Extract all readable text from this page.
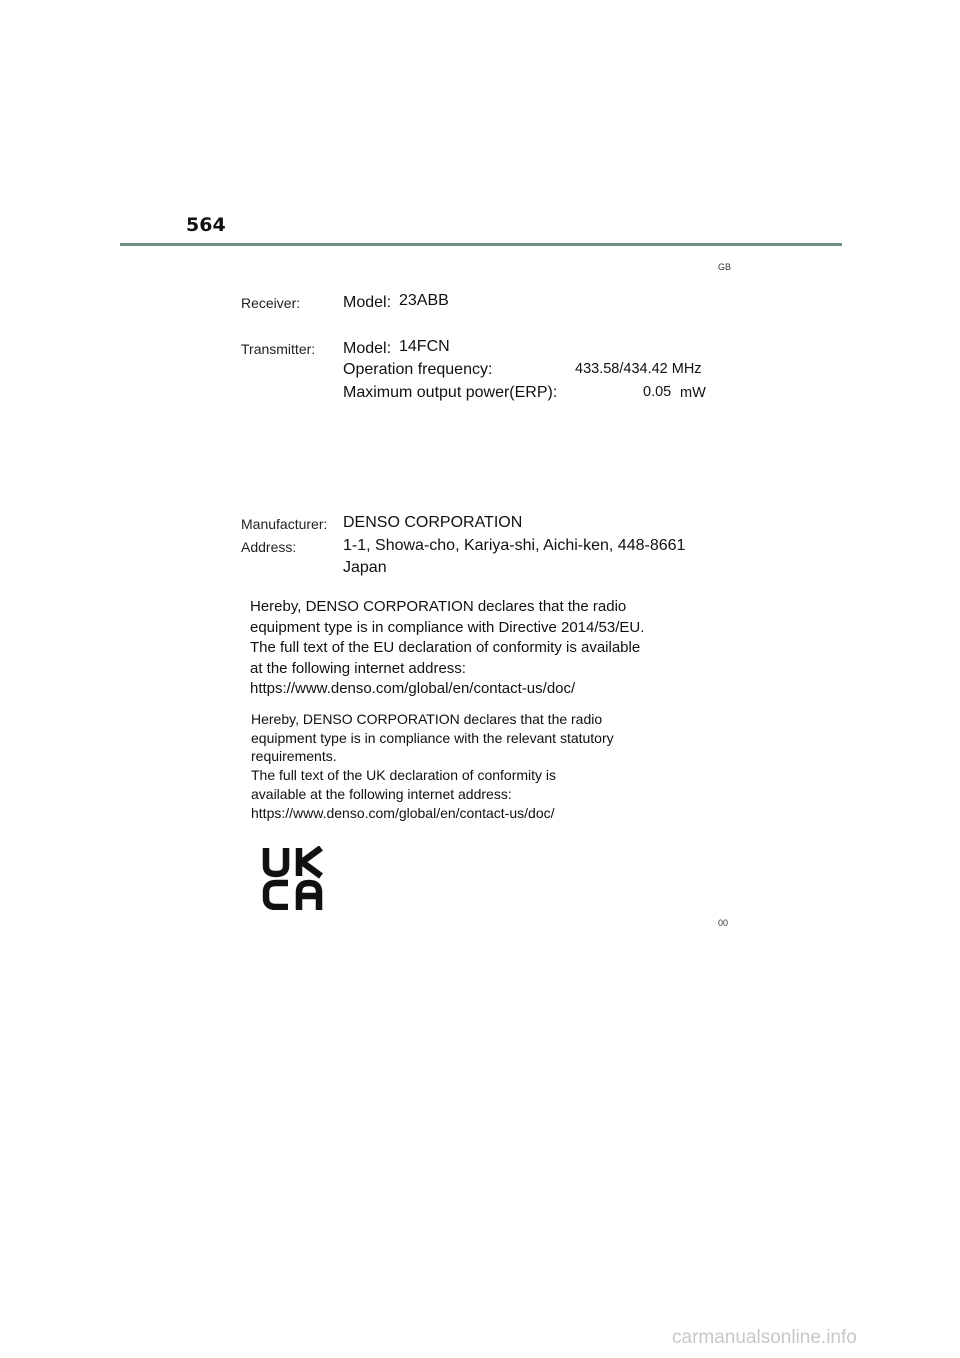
564
GB
Receiver:	Model: 23ABB
Transmitter: Model: 14FCN
Operation frequency:	433.58/434.42 MHz
Maximum output power(ERP):	0.05 mW
Manufacturer: DENSO CORPORATION
Address:	1-1, Showa-cho, Kariya-shi, Aichi-ken, 448-8661
Japan
Hereby, DENSO CORPORATION declares that the radio
equipment type is in compliance with Directive 2014/53/EU.
The full text of the EU declaration of conformity is available
at the following internet address:
https://www.denso.com/global/en/contact-us/doc/
Hereby, DENSO CORPORATION declares that the radio
equipment type is in compliance with the relevant statutory
requirements.
The full text of the UK declaration of conformity is
available at the following internet address:
https://www.denso.com/global/en/contact-us/doc/
00
carmanualsonline.info
